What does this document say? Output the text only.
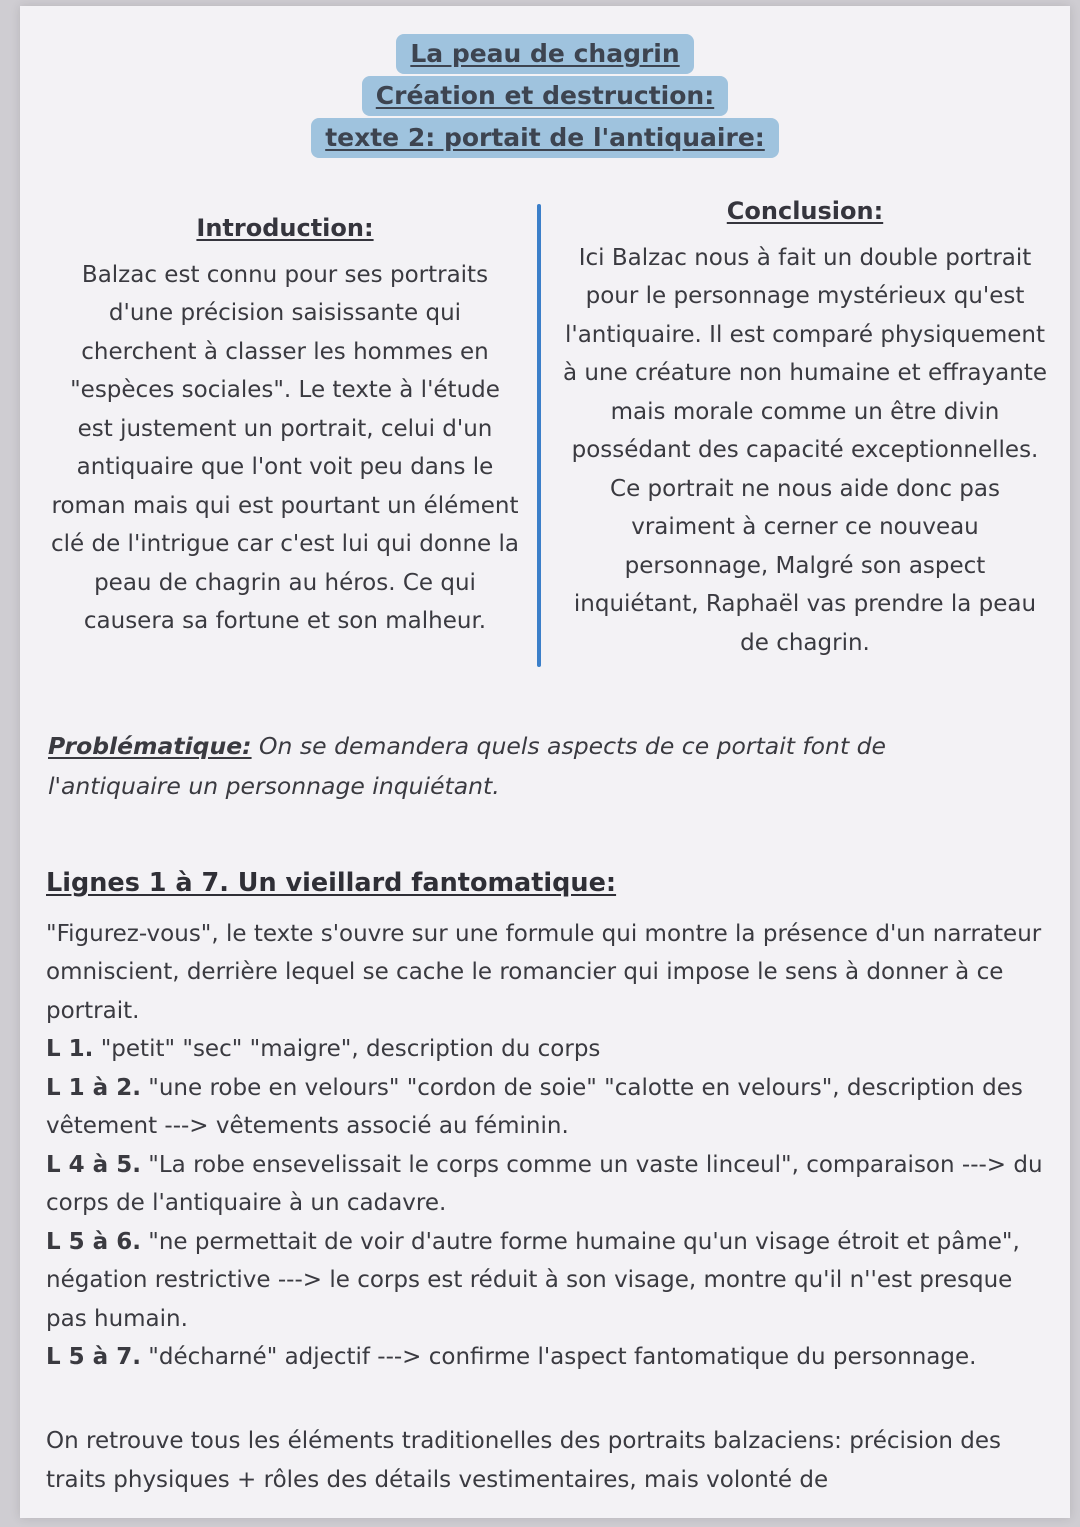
La peau de chagrin
Création et destruction:
texte 2: portait de l'antiquaire:
Introduction:

Balzac est connu pour ses portraits d'une précision saisissante qui cherchent à classer les hommes en "espèces sociales". Le texte à l'étude est justement un portrait, celui d'un antiquaire que l'ont voit peu dans le roman mais qui est pourtant un élément clé de l'intrigue car c'est lui qui donne la peau de chagrin au héros. Ce qui causera sa fortune et son malheur.

Conclusion:

Ici Balzac nous à fait un double portrait pour le personnage mystérieux qu'est l'antiquaire. Il est comparé physiquement à une créature non humaine et effrayante mais morale comme un être divin possédant des capacité exceptionnelles. Ce portrait ne nous aide donc pas vraiment à cerner ce nouveau personnage, Malgré son aspect inquiétant, Raphaël vas prendre la peau de chagrin.

Problématique: On se demandera quels aspects de ce portait font de l'antiquaire un personnage inquiétant.
Lignes 1 à 7. Un vieillard fantomatique:

"Figurez-vous", le texte s'ouvre sur une formule qui montre la présence d'un narrateur omniscient, derrière lequel se cache le romancier qui impose le sens à donner à ce portrait.

L 1. "petit" "sec" "maigre", description du corps

L 1 à 2. "une robe en velours" "cordon de soie" "calotte en velours", description des vêtement ---> vêtements associé au féminin.

L 4 à 5. "La robe ensevelissait le corps comme un vaste linceul", comparaison ---> du corps de l'antiquaire à un cadavre.

L 5 à 6. "ne permettait de voir d'autre forme humaine qu'un visage étroit et pâme", négation restrictive ---> le corps est réduit à son visage, montre qu'il n''est presque pas humain.

L 5 à 7. "décharné" adjectif ---> confirme l'aspect fantomatique du personnage.

On retrouve tous les éléments traditionelles des portraits balzaciens: précision des traits physiques + rôles des détails vestimentaires, mais volonté de
